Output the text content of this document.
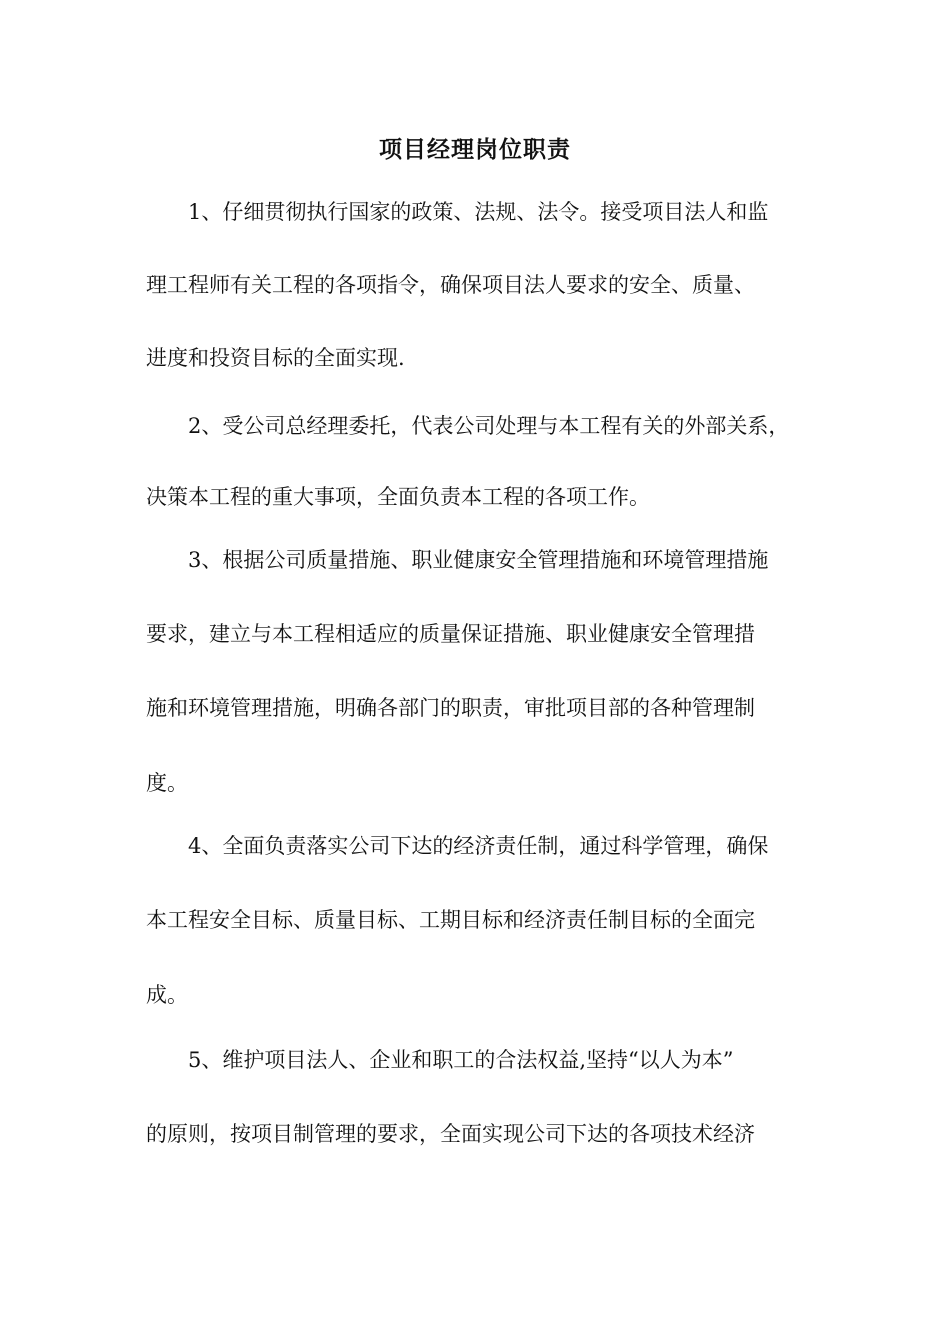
项目经理岗位职责
1、仔细贯彻执行国家的政策、法规、法令。接受项目法人和监
理工程师有关工程的各项指令，确保项目法人要求的安全、质量、
进度和投资目标的全面实现.
2、受公司总经理委托，代表公司处理与本工程有关的外部关系，
决策本工程的重大事项，全面负责本工程的各项工作。
3、根据公司质量措施、职业健康安全管理措施和环境管理措施
要求，建立与本工程相适应的质量保证措施、职业健康安全管理措
施和环境管理措施，明确各部门的职责，审批项目部的各种管理制
度。
4、全面负责落实公司下达的经济责任制，通过科学管理，确保
本工程安全目标、质量目标、工期目标和经济责任制目标的全面完
成。
5、维护项目法人、企业和职工的合法权益,坚持“以人为本”
的原则，按项目制管理的要求，全面实现公司下达的各项技术经济
